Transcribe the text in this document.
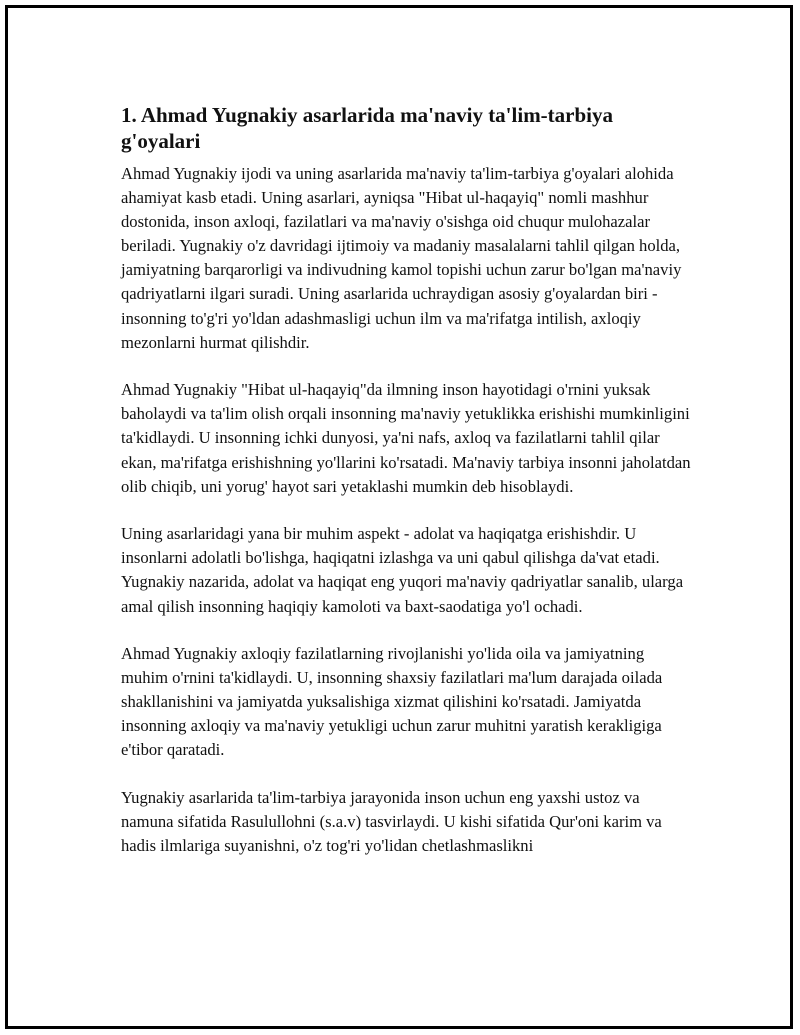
1. Ahmad Yugnakiy asarlarida ma'naviy ta'lim-tarbiya g'oyalari

Ahmad Yugnakiy ijodi va uning asarlarida ma'naviy ta'lim-tarbiya g'oyalari alohida ahamiyat kasb etadi. Uning asarlari, ayniqsa "Hibat ul-haqayiq" nomli mashhur dostonida, inson axloqi, fazilatlari va ma'naviy o'sishga oid chuqur mulohazalar beriladi. Yugnakiy o'z davridagi ijtimoiy va madaniy masalalarni tahlil qilgan holda, jamiyatning barqarorligi va indivudning kamol topishi uchun zarur bo'lgan ma'naviy qadriyatlarni ilgari suradi. Uning asarlarida uchraydigan asosiy g'oyalardan biri - insonning to'g'ri yo'ldan adashmasligi uchun ilm va ma'rifatga intilish, axloqiy mezonlarni hurmat qilishdir.

Ahmad Yugnakiy "Hibat ul-haqayiq"da ilmning inson hayotidagi o'rnini yuksak baholaydi va ta'lim olish orqali insonning ma'naviy yetuklikka erishishi mumkinligini ta'kidlaydi. U insonning ichki dunyosi, ya'ni nafs, axloq va fazilatlarni tahlil qilar ekan, ma'rifatga erishishning yo'llarini ko'rsatadi. Ma'naviy tarbiya insonni jaholatdan olib chiqib, uni yorug' hayot sari yetaklashi mumkin deb hisoblaydi.

Uning asarlaridagi yana bir muhim aspekt - adolat va haqiqatga erishishdir. U insonlarni adolatli bo'lishga, haqiqatni izlashga va uni qabul qilishga da'vat etadi. Yugnakiy nazarida, adolat va haqiqat eng yuqori ma'naviy qadriyatlar sanalib, ularga amal qilish insonning haqiqiy kamoloti va baxt-saodatiga yo'l ochadi.

Ahmad Yugnakiy axloqiy fazilatlarning rivojlanishi yo'lida oila va jamiyatning muhim o'rnini ta'kidlaydi. U, insonning shaxsiy fazilatlari ma'lum darajada oilada shakllanishini va jamiyatda yuksalishiga xizmat qilishini ko'rsatadi. Jamiyatda insonning axloqiy va ma'naviy yetukligi uchun zarur muhitni yaratish kerakligiga e'tibor qaratadi.

Yugnakiy asarlarida ta'lim-tarbiya jarayonida inson uchun eng yaxshi ustoz va namuna sifatida Rasulullohni (s.a.v) tasvirlaydi. U kishi sifatida Qur'oni karim va hadis ilmlariga suyanishni, o'z tog'ri yo'lidan chetlashmaslikni
